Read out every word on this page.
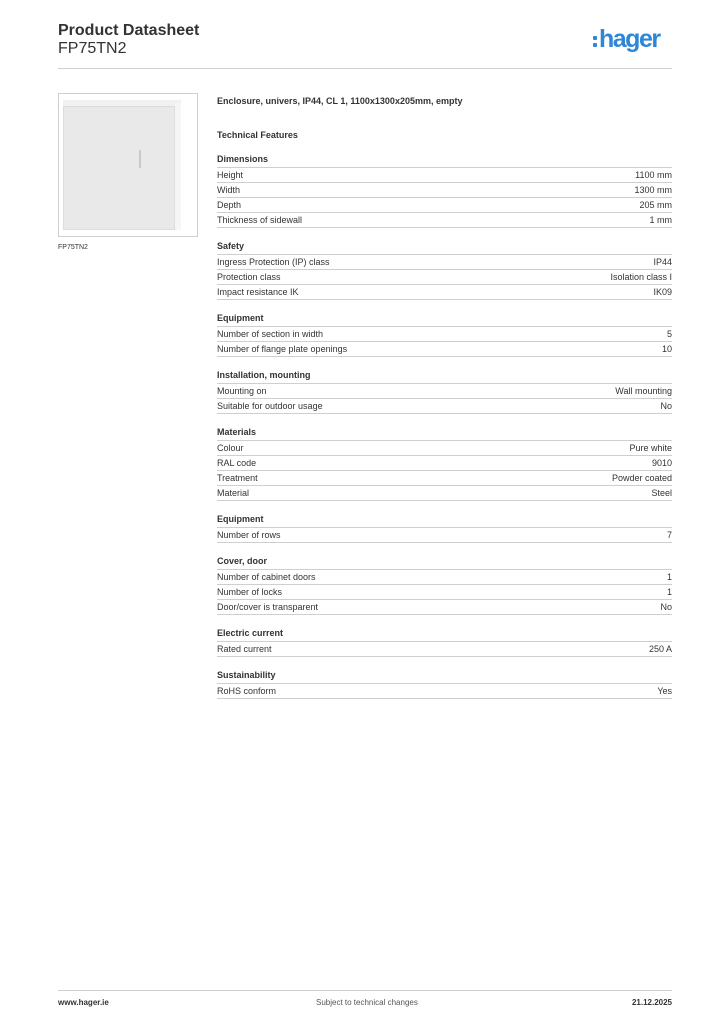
Product Datasheet
FP75TN2	hager
FP75TN2
Enclosure, univers, IP44, CL 1, 1100x1300x205mm, empty
Technical Features
Dimensions
Height	1100 mm
Width	1300 mm
Depth	205 mm
Thickness of sidewall	1 mm
Safety
Ingress Protection (IP) class	IP44
Protection class	Isolation class I
Impact resistance IK	IK09
Equipment
Number of section in width	5
Number of flange plate openings	10
Installation, mounting
Mounting on	Wall mounting
Suitable for outdoor usage	No
Materials
Colour	Pure white
RAL code	9010
Treatment	Powder coated
Material	Steel
Equipment
Number of rows	7
Cover, door
Number of cabinet doors	1
Number of locks	1
Door/cover is transparent	No
Electric current
Rated current	250 A
Sustainability
RoHS conform	Yes
www.hager.ie	Subject to technical changes	21.12.2025
